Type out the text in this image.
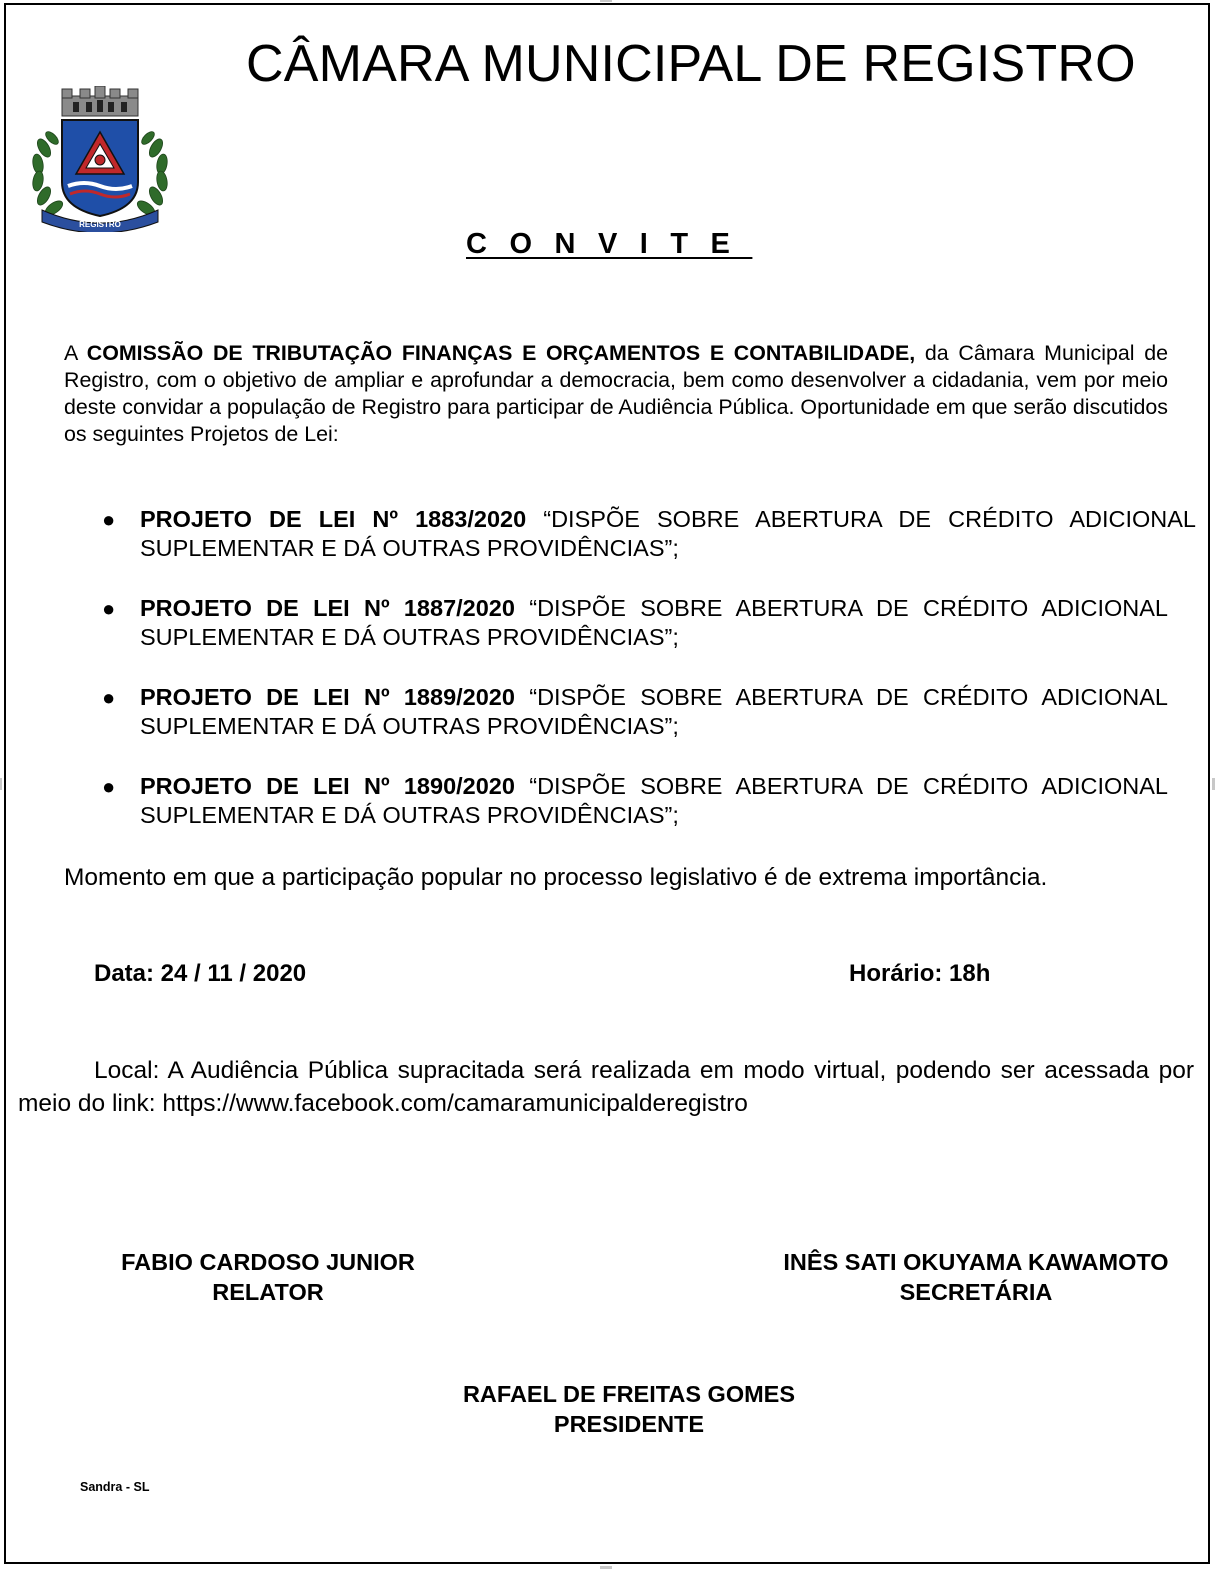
REGISTRO
CÂMARA MUNICIPAL DE REGISTRO
CONVITE

A COMISSÃO DE TRIBUTAÇÃO FINANÇAS E ORÇAMENTOS E CONTABILIDADE, da Câmara Municipal de Registro, com o objetivo de ampliar e aprofundar a democracia, bem como desenvolver a cidadania, vem por meio deste convidar a população de Registro para participar de Audiência Pública. Oportunidade em que serão discutidos os seguintes Projetos de Lei:

● PROJETO DE LEI Nº 1883/2020 “DISPÕE SOBRE ABERTURA DE CRÉDITO ADICIONAL SUPLEMENTAR E DÁ OUTRAS PROVIDÊNCIAS”;
● PROJETO DE LEI Nº 1887/2020 “DISPÕE SOBRE ABERTURA DE CRÉDITO ADICIONAL SUPLEMENTAR E DÁ OUTRAS PROVIDÊNCIAS”;
● PROJETO DE LEI Nº 1889/2020 “DISPÕE SOBRE ABERTURA DE CRÉDITO ADICIONAL SUPLEMENTAR E DÁ OUTRAS PROVIDÊNCIAS”;
● PROJETO DE LEI Nº 1890/2020 “DISPÕE SOBRE ABERTURA DE CRÉDITO ADICIONAL SUPLEMENTAR E DÁ OUTRAS PROVIDÊNCIAS”;

Momento em que a participação popular no processo legislativo é de extrema importância.

Data: 24 / 11 / 2020	Horário: 18h

Local: A Audiência Pública supracitada será realizada em modo virtual, podendo ser acessada por meio do link: https://www.facebook.com/camaramunicipalderegistro

FABIO CARDOSO JUNIOR
RELATOR
INÊS SATI OKUYAMA KAWAMOTO
SECRETÁRIA
RAFAEL DE FREITAS GOMES
PRESIDENTE
Sandra - SL
